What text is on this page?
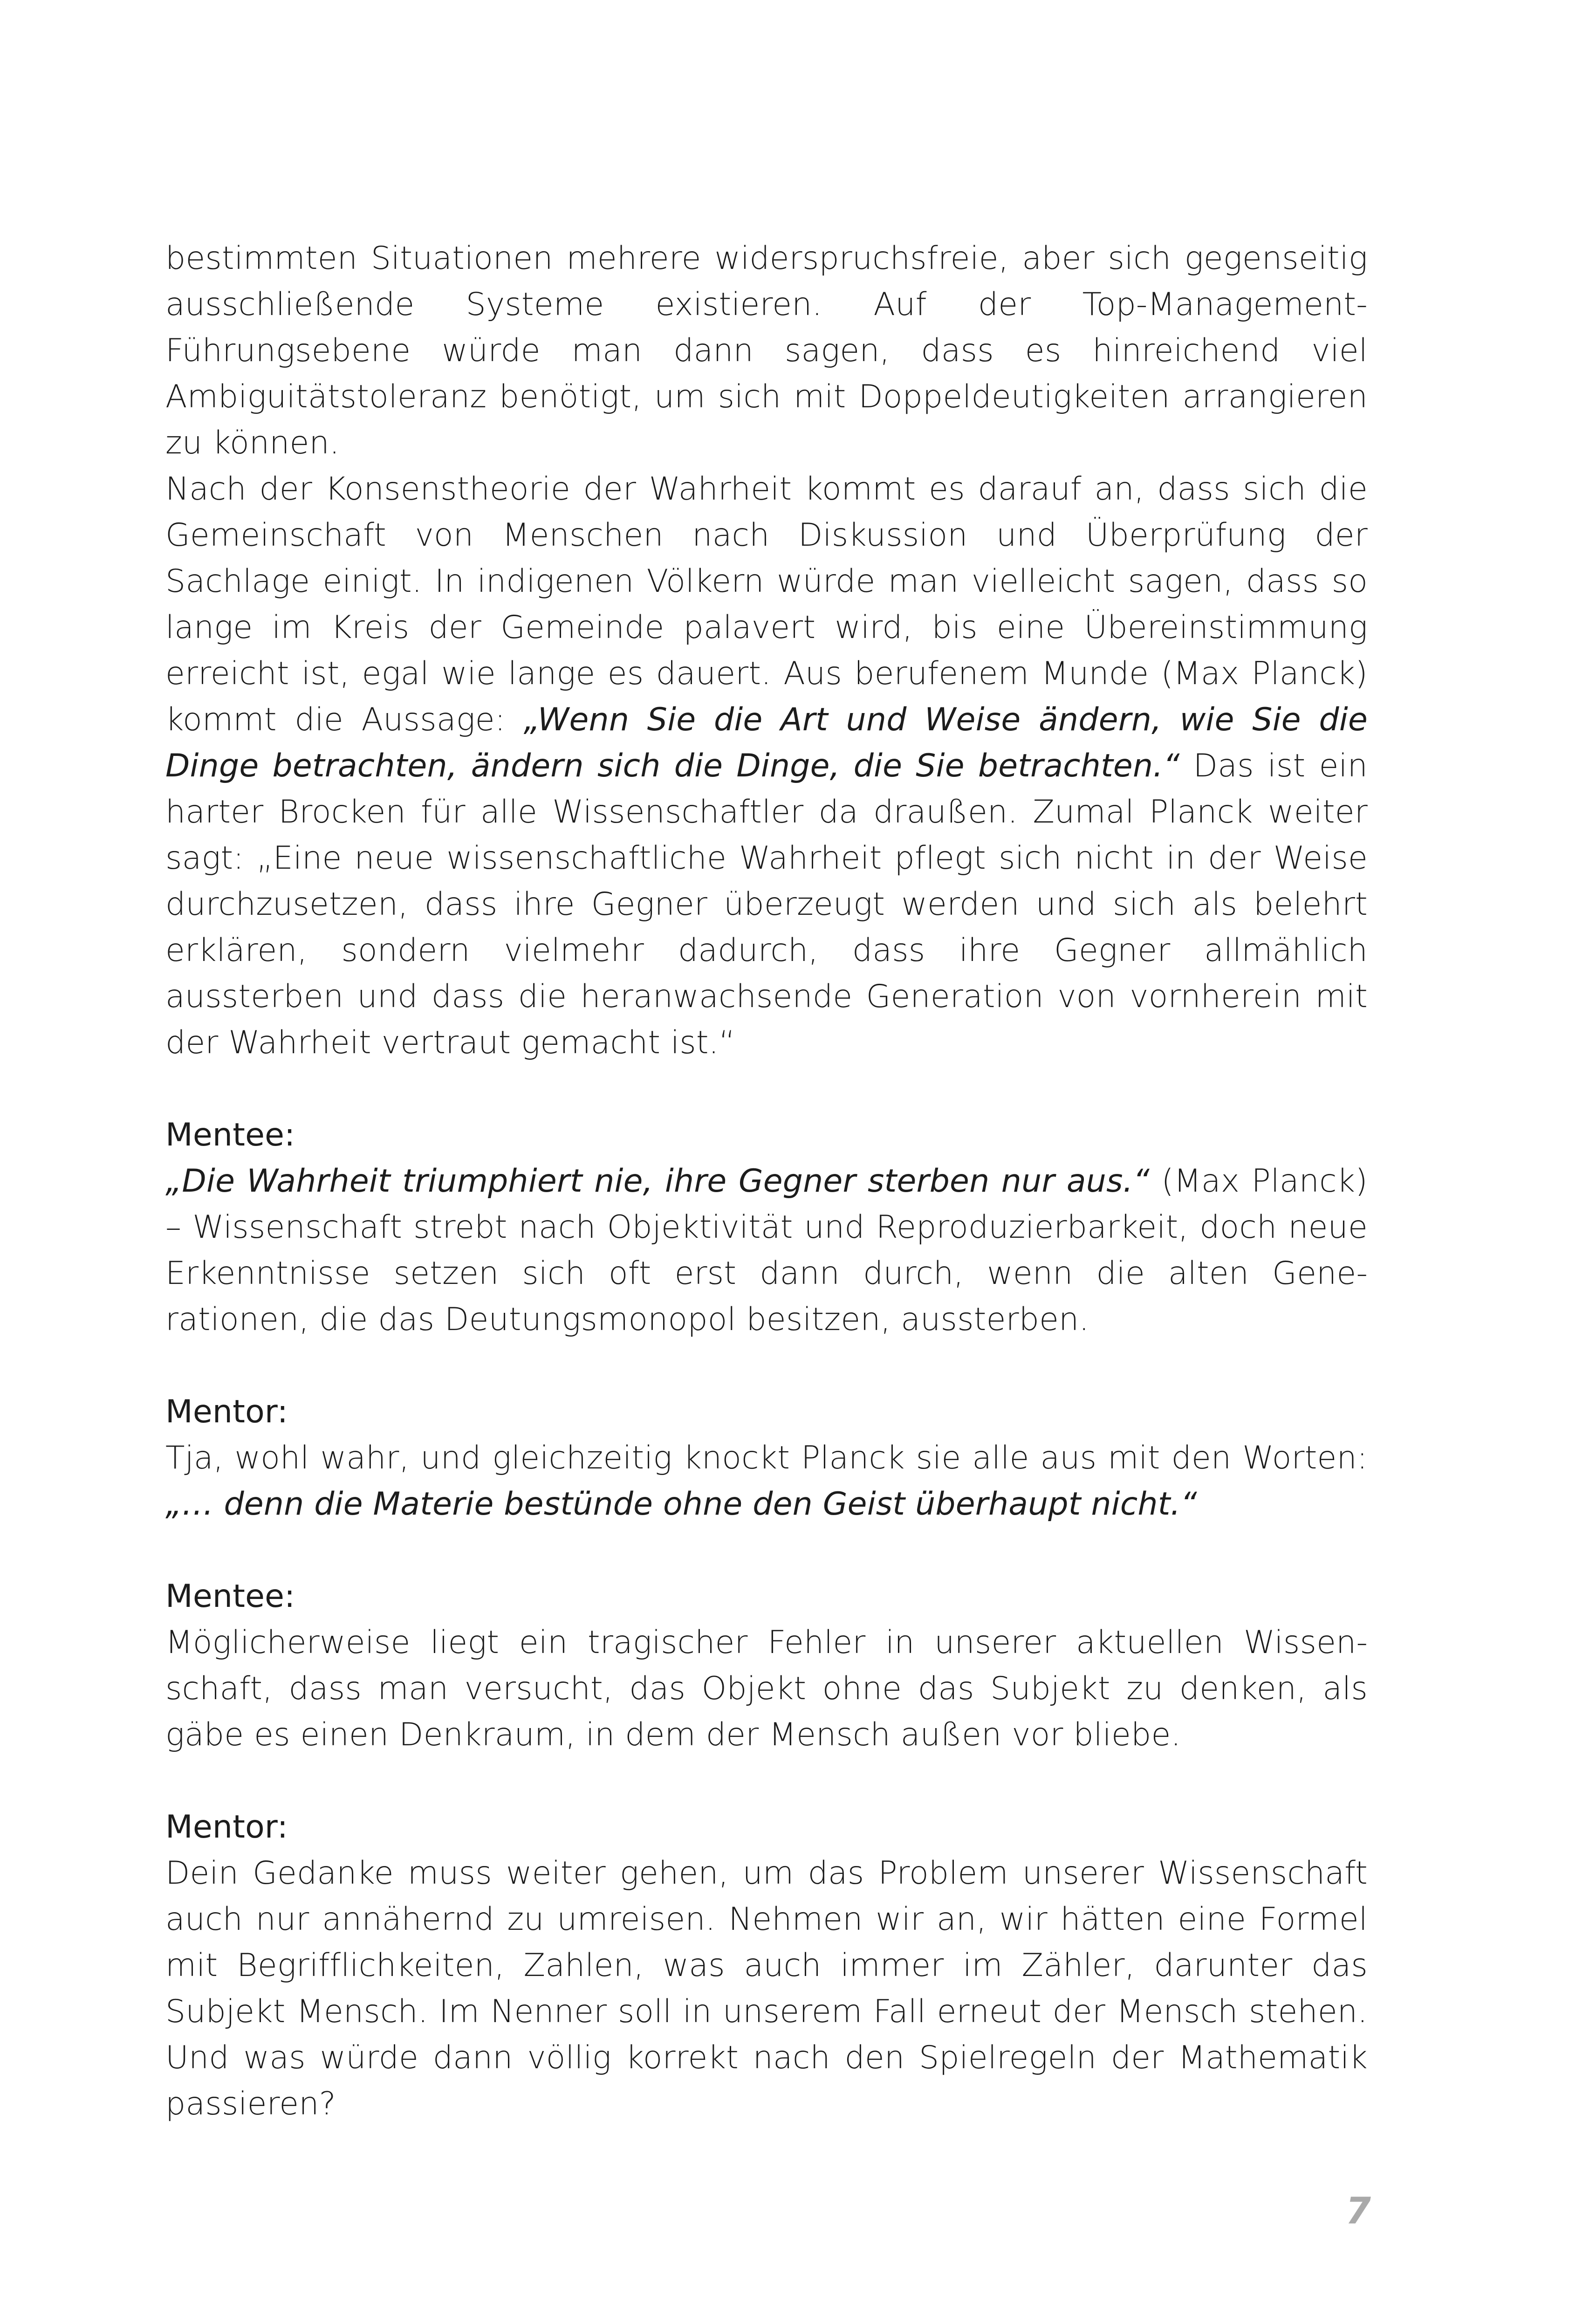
bestimmten Situationen mehrere widerspruchsfreie, aber sich gegenseitig ausschließende Systeme existieren. Auf der Top-Management-Führungsebene würde man dann sagen, dass es hinreichend viel Ambiguitätstoleranz benötigt, um sich mit Doppeldeutigkeiten arrangieren zu können.

Nach der Konsenstheorie der Wahrheit kommt es darauf an, dass sich die Gemeinschaft von Menschen nach Diskussion und Überprüfung der Sachlage einigt. In indigenen Völkern würde man vielleicht sagen, dass so lange im Kreis der Gemeinde palavert wird, bis eine Übereinstimmung erreicht ist, egal wie lange es dauert. Aus berufenem Munde (Max Planck) kommt die Aussage: „Wenn Sie die Art und Weise ändern, wie Sie die Dinge betrachten, ändern sich die Dinge, die Sie betrachten.“ Das ist ein harter Brocken für alle Wissenschaftler da draußen. Zumal Planck weiter sagt: „Eine neue wissenschaftliche Wahrheit pflegt sich nicht in der Weise durchzusetzen, dass ihre Gegner überzeugt werden und sich als belehrt erklären, sondern vielmehr dadurch, dass ihre Gegner allmählich aussterben und dass die heranwachsende Generation von vornherein mit der Wahrheit vertraut gemacht ist.“

Mentee:

„Die Wahrheit triumphiert nie, ihre Gegner sterben nur aus.“ (Max Planck) – Wissenschaft strebt nach Objektivität und Reproduzierbarkeit, doch neue Erkenntnisse setzen sich oft erst dann durch, wenn die alten Generationen, die das Deutungsmonopol besitzen, aussterben.

Mentor:

Tja, wohl wahr, und gleichzeitig knockt Planck sie alle aus mit den Worten: „… denn die Materie bestünde ohne den Geist überhaupt nicht.“

Mentee:

Möglicherweise liegt ein tragischer Fehler in unserer aktuellen Wissenschaft, dass man versucht, das Objekt ohne das Subjekt zu denken, als gäbe es einen Denkraum, in dem der Mensch außen vor bliebe.

Mentor:

Dein Gedanke muss weiter gehen, um das Problem unserer Wissenschaft auch nur annähernd zu umreisen. Nehmen wir an, wir hätten eine Formel mit Begrifflichkeiten, Zahlen, was auch immer im Zähler, darunter das Subjekt Mensch. Im Nenner soll in unserem Fall erneut der Mensch stehen. Und was würde dann völlig korrekt nach den Spielregeln der Mathematik passieren?

7
